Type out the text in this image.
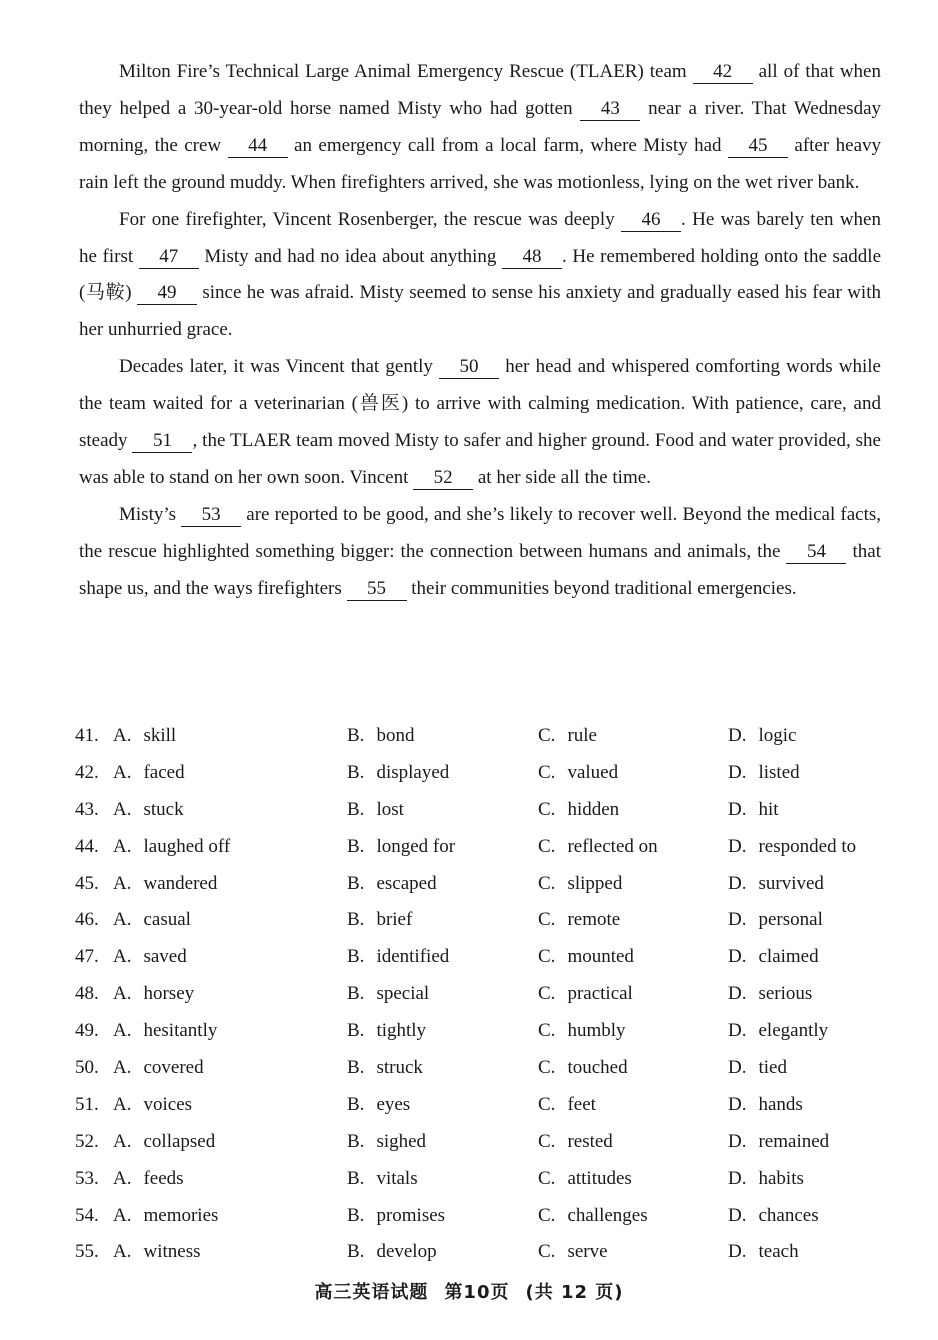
Milton Fire’s Technical Large Animal Emergency Rescue (TLAER) team 42 all of that when they helped a 30-year-old horse named Misty who had gotten 43 near a river. That Wednesday morning, the crew 44 an emergency call from a local farm, where Misty had 45 after heavy rain left the ground muddy. When firefighters arrived, she was motionless, lying on the wet river bank.

For one firefighter, Vincent Rosenberger, the rescue was deeply 46 . He was barely ten when he first 47 Misty and had no idea about anything 48 . He remembered holding onto the saddle (马鞍) 49 since he was afraid. Misty seemed to sense his anxiety and gradually eased his fear with her unhurried grace.

Decades later, it was Vincent that gently 50 her head and whispered comforting words while the team waited for a veterinarian (兽医) to arrive with calming medication. With patience, care, and steady 51 , the TLAER team moved Misty to safer and higher ground. Food and water provided, she was able to stand on her own soon. Vincent 52 at her side all the time.

Misty’s 53 are reported to be good, and she’s likely to recover well. Beyond the medical facts, the rescue highlighted something bigger: the connection between humans and animals, the 54 that shape us, and the ways firefighters 55 their communities beyond traditional emergencies.

41. A. skill	B. bond	C. rule	D. logic
42. A. faced	B. displayed	C. valued	D. listed
43. A. stuck	B. lost	C. hidden	D. hit
44. A. laughed off	B. longed for	C. reflected on	D. responded to
45. A. wandered	B. escaped	C. slipped	D. survived
46. A. casual	B. brief	C. remote	D. personal
47. A. saved	B. identified	C. mounted	D. claimed
48. A. horsey	B. special	C. practical	D. serious
49. A. hesitantly	B. tightly	C. humbly	D. elegantly
50. A. covered	B. struck	C. touched	D. tied
51. A. voices	B. eyes	C. feet	D. hands
52. A. collapsed	B. sighed	C. rested	D. remained
53. A. feeds	B. vitals	C. attitudes	D. habits
54. A. memories	B. promises	C. challenges	D. chances
55. A. witness	B. develop	C. serve	D. teach
高三英语试题 第10页 (共 12 页)
